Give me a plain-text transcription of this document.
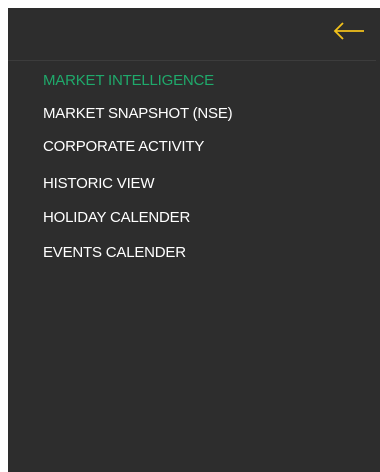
MARKET INTELLIGENCE
MARKET SNAPSHOT (NSE)
CORPORATE ACTIVITY
HISTORIC VIEW
HOLIDAY CALENDER
EVENTS CALENDER
